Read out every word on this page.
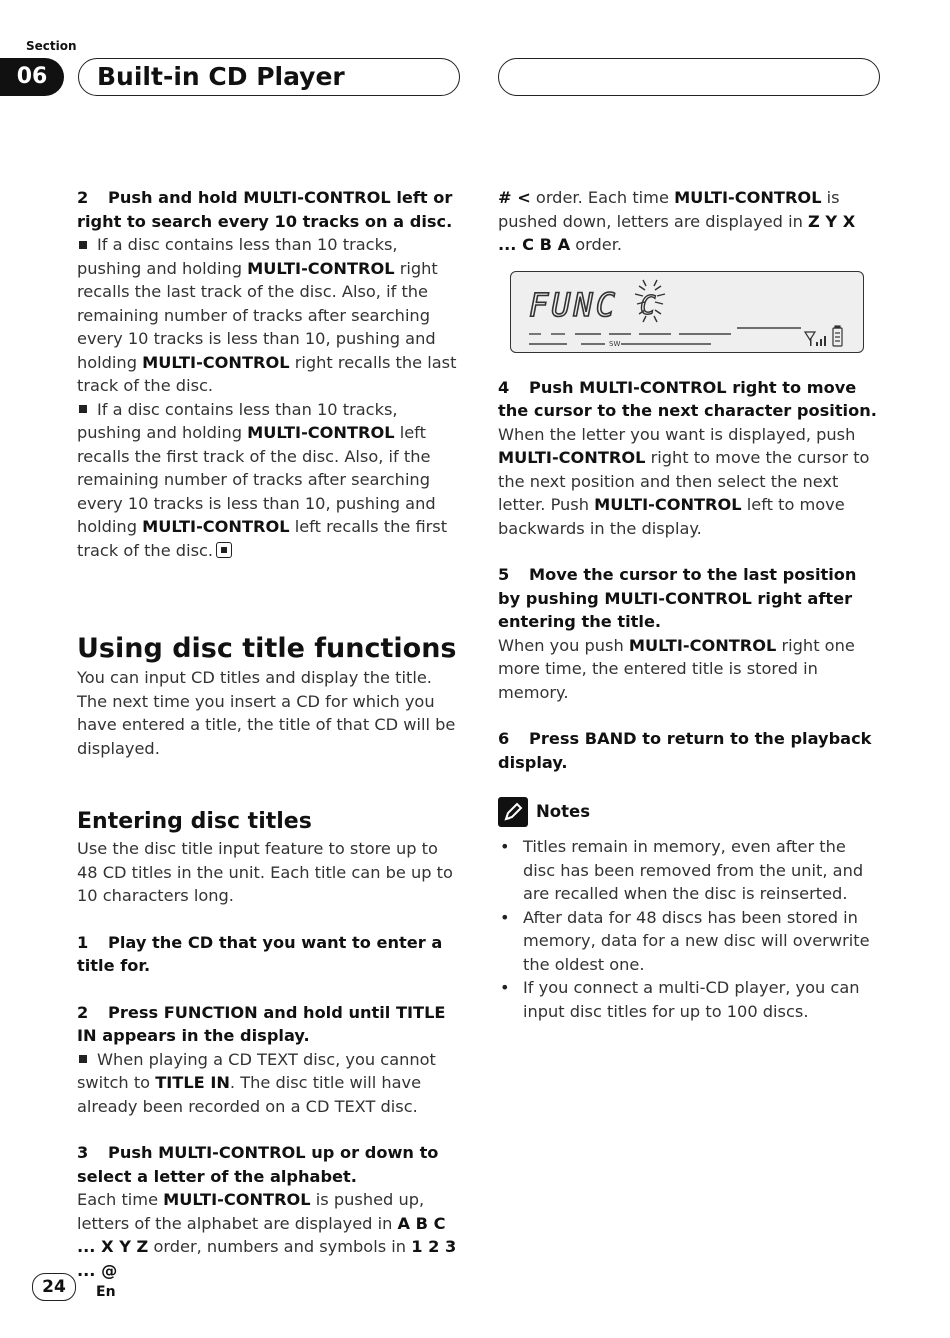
Section
06	Built-in CD Player

2 Push and hold MULTI-CONTROL left or right to search every 10 tracks on a disc.

If a disc contains less than 10 tracks, pushing and holding MULTI-CONTROL right recalls the last track of the disc. Also, if the remaining number of tracks after searching every 10 tracks is less than 10, pushing and holding MULTI-CONTROL right recalls the last track of the disc.

If a disc contains less than 10 tracks, pushing and holding MULTI-CONTROL left recalls the first track of the disc. Also, if the remaining number of tracks after searching every 10 tracks is less than 10, pushing and holding MULTI-CONTROL left recalls the first track of the disc.

Using disc title functions

You can input CD titles and display the title. The next time you insert a CD for which you have entered a title, the title of that CD will be displayed.

Entering disc titles

Use the disc title input feature to store up to 48 CD titles in the unit. Each title can be up to 10 characters long.

1 Play the CD that you want to enter a title for.

2 Press FUNCTION and hold until TITLE IN appears in the display.

When playing a CD TEXT disc, you cannot switch to TITLE IN. The disc title will have already been recorded on a CD TEXT disc.

3 Push MULTI-CONTROL up or down to select a letter of the alphabet.

Each time MULTI-CONTROL is pushed up, letters of the alphabet are displayed in A B C ... X Y Z order, numbers and symbols in 1 2 3 ... @

# < order. Each time MULTI-CONTROL is pushed down, letters are displayed in Z Y X ... C B A order.

FUNC C
SW

4 Push MULTI-CONTROL right to move the cursor to the next character position.

When the letter you want is displayed, push MULTI-CONTROL right to move the cursor to the next position and then select the next letter. Push MULTI-CONTROL left to move backwards in the display.

5 Move the cursor to the last position by pushing MULTI-CONTROL right after entering the title.

When you push MULTI-CONTROL right one more time, the entered title is stored in memory.

6 Press BAND to return to the playback display.

Notes
• Titles remain in memory, even after the disc has been removed from the unit, and are recalled when the disc is reinserted.
• After data for 48 discs has been stored in memory, data for a new disc will overwrite the oldest one.
• If you connect a multi-CD player, you can input disc titles for up to 100 discs.
24	En
